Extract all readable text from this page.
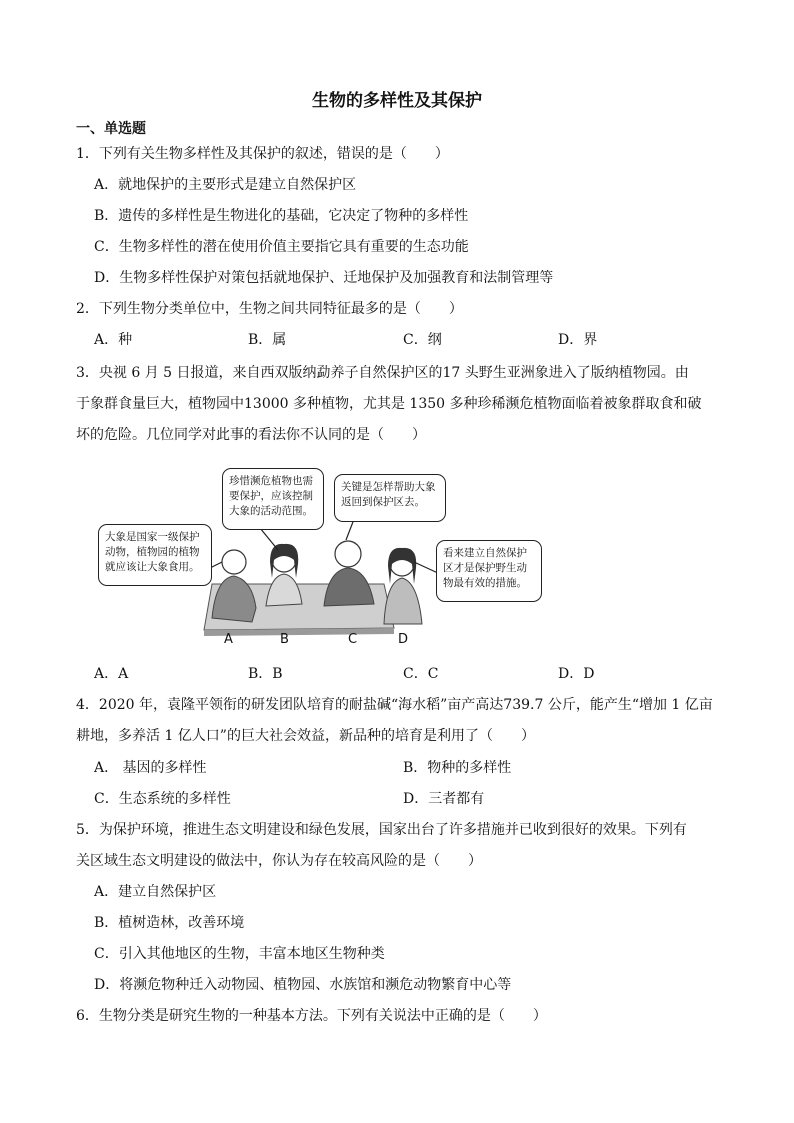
生物的多样性及其保护
一、单选题
1．下列有关生物多样性及其保护的叙述，错误的是（　　）
A．就地保护的主要形式是建立自然保护区
B．遗传的多样性是生物进化的基础，它决定了物种的多样性
C．生物多样性的潜在使用价值主要指它具有重要的生态功能
D．生物多样性保护对策包括就地保护、迁地保护及加强教育和法制管理等
2．下列生物分类单位中，生物之间共同特征最多的是（　　）
A．种	B．属	C．纲	D．界
3．央视 6 月 5 日报道，来自西双版纳勐养子自然保护区的17 头野生亚洲象进入了版纳植物园。由
于象群食量巨大，植物园中13000 多种植物，尤其是 1350 多种珍稀濒危植物面临着被象群取食和破
坏的危险。几位同学对此事的看法你不认同的是（　　）
大象是国家一级保护动物，植物园的植物就应该让大象食用。
珍惜濒危植物也需要保护，应该控制大象的活动范围。
关键是怎样帮助大象返回到保护区去。
看来建立自然保护区才是保护野生动物最有效的措施。
A	B	C	D
A．A	B．B	C．C	D．D
4．2020 年，袁隆平领衔的研发团队培育的耐盐碱“海水稻”亩产高达739.7 公斤，能产生“增加 1 亿亩
耕地，多养活 1 亿人口”的巨大社会效益，新品种的培育是利用了（　　）
A． 基因的多样性	B．物种的多样性
C．生态系统的多样性	D．三者都有
5．为保护环境，推进生态文明建设和绿色发展，国家出台了许多措施并已收到很好的效果。下列有
关区域生态文明建设的做法中，你认为存在较高风险的是（　　）
A．建立自然保护区
B．植树造林，改善环境
C．引入其他地区的生物，丰富本地区生物种类
D．将濒危物种迁入动物园、植物园、水族馆和濒危动物繁育中心等
6．生物分类是研究生物的一种基本方法。下列有关说法中正确的是（　　）
